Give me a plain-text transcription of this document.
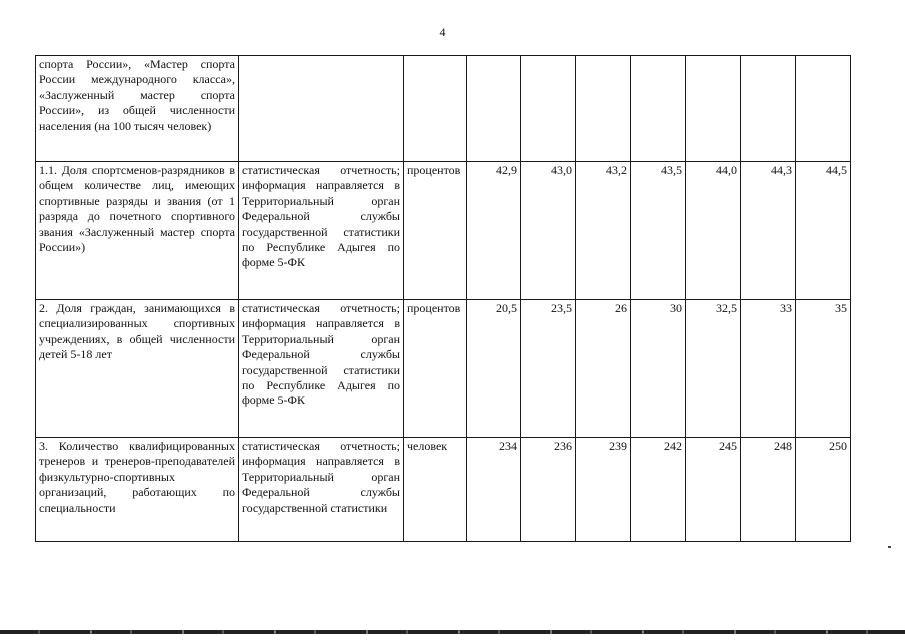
4
спорта России», «Мастер спорта России международного класса», «Заслуженный мастер спорта России», из общей численности населения (на 100 тысяч человек)									
1.1. Доля спортсменов-разрядников в общем количестве лиц, имеющих спортивные разряды и звания (от 1 разряда до почетного спортивного звания «Заслуженный мастер спорта России»)	статистическая отчетность; информация направляется в Территориальный орган Федеральной службы государственной статистики по Республике Адыгея по форме 5-ФК	процентов	42,9	43,0	43,2	43,5	44,0	44,3	44,5
2. Доля граждан, занимающихся в специализированных спортивных учреждениях, в общей численности детей 5-18 лет	статистическая отчетность; информация направляется в Территориальный орган Федеральной службы государственной статистики по Республике Адыгея по форме 5-ФК	процентов	20,5	23,5	26	30	32,5	33	35
3. Количество квалифицированных тренеров и тренеров-преподавателей физкультурно-спортивных организаций, работающих по специальности	статистическая отчетность; информация направляется в Территориальный орган Федеральной службы государственной статистики	человек	234	236	239	242	245	248	250
